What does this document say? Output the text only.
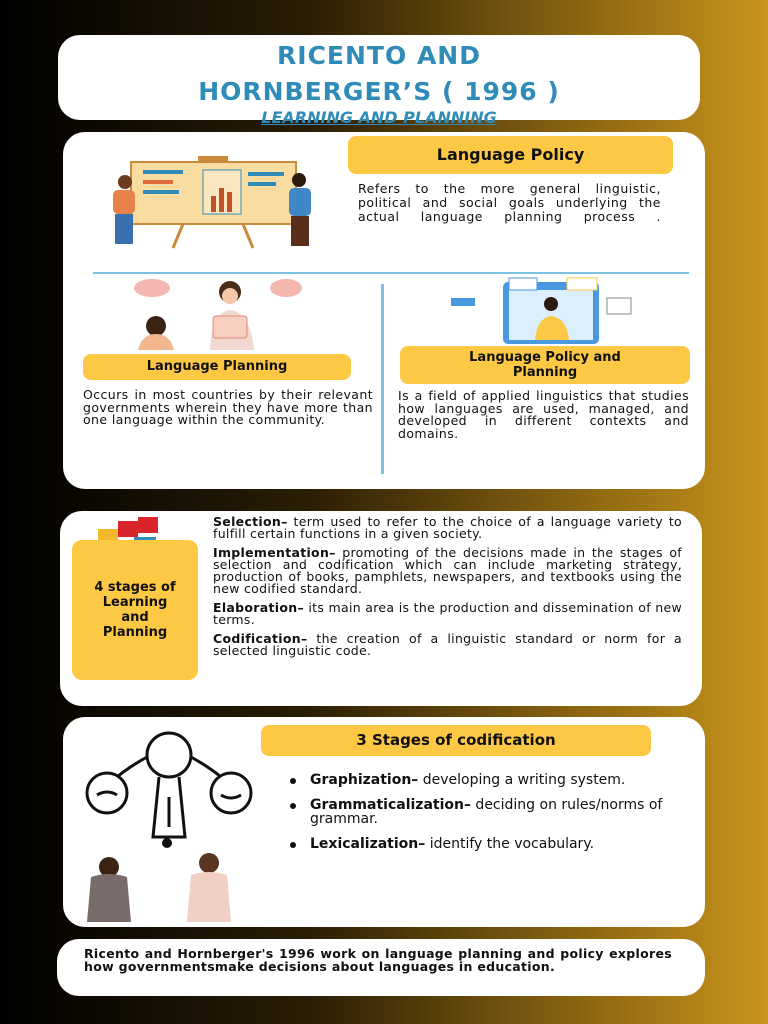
RICENTO AND
HORNBERGER’S ( 1996 )
LEARNING AND PLANNING
Language Policy
Refers to the more general linguistic, political and social goals underlying the actual language planning process .
Language Planning
Occurs in most countries by their relevant governments wherein they have more than one language within the community.
Language Policy and
Planning
Is a field of applied linguistics that studies how languages are used, managed, and developed in different contexts and domains.
4 stages of
Learning
and
Planning
Selection– term used to refer to the choice of a language variety to fulfill certain functions in a given society.
Implementation– promoting of the decisions made in the stages of selection and codification which can include marketing strategy, production of books, pamphlets, newspapers, and textbooks using the new codified standard.
Elaboration– its main area is the production and dissemination of new terms.
Codification– the creation of a linguistic standard or norm for a selected linguistic code.
3 Stages of codification
Graphization– developing a writing system.
Grammaticalization– deciding on rules/norms of grammar.
Lexicalization– identify the vocabulary.
Ricento and Hornberger's 1996 work on language planning and policy explores how governmentsmake decisions about languages in education.
